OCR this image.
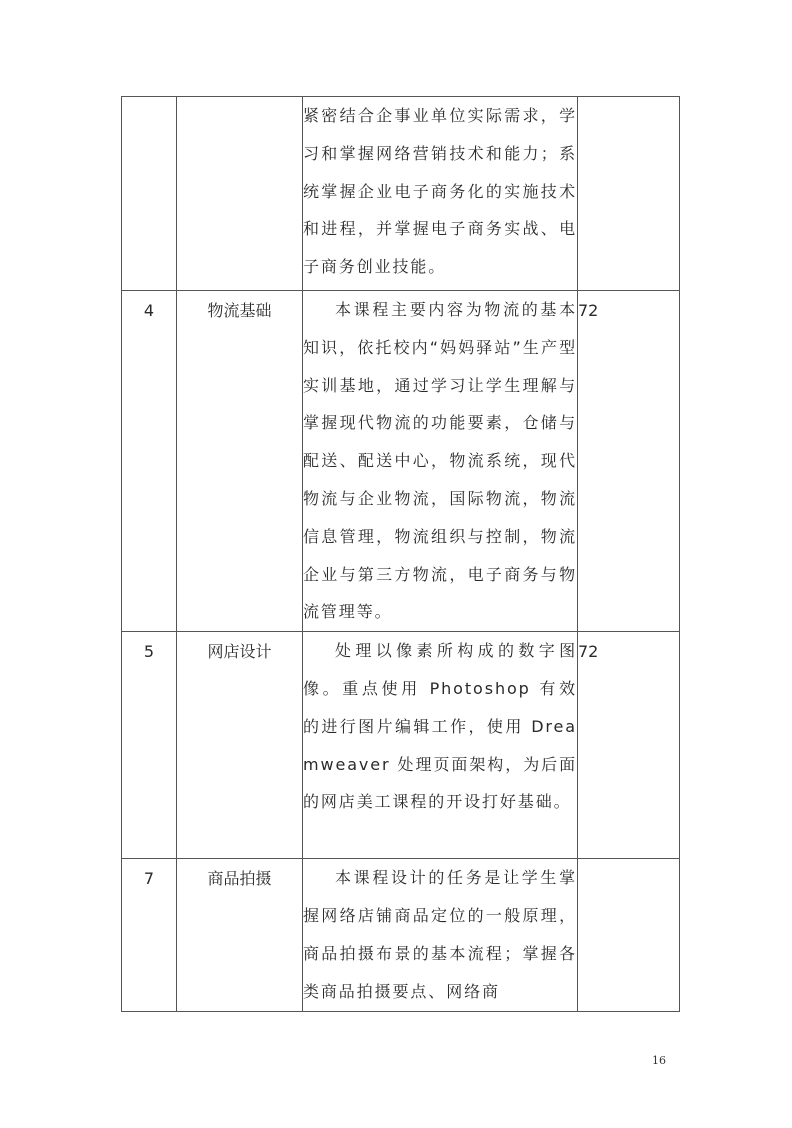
		紧密结合企事业单位实际需求，学习和掌握网络营销技术和能力；系统掌握企业电子商务化的实施技术和进程，并掌握电子商务实战、电子商务创业技能。	
4	物流基础	本课程主要内容为物流的基本知识，依托校内“妈妈驿站”生产型实训基地，通过学习让学生理解与掌握现代物流的功能要素，仓储与配送、配送中心，物流系统，现代物流与企业物流，国际物流，物流信息管理，物流组织与控制，物流企业与第三方物流，电子商务与物流管理等。	72
5	网店设计	处理以像素所构成的数字图像。重点使用 Photoshop 有效的进行图片编辑工作，使用 Dreamweaver 处理页面架构，为后面的网店美工课程的开设打好基础。	72
7	商品拍摄	本课程设计的任务是让学生掌握网络店铺商品定位的一般原理，商品拍摄布景的基本流程；掌握各类商品拍摄要点、网络商	
16
